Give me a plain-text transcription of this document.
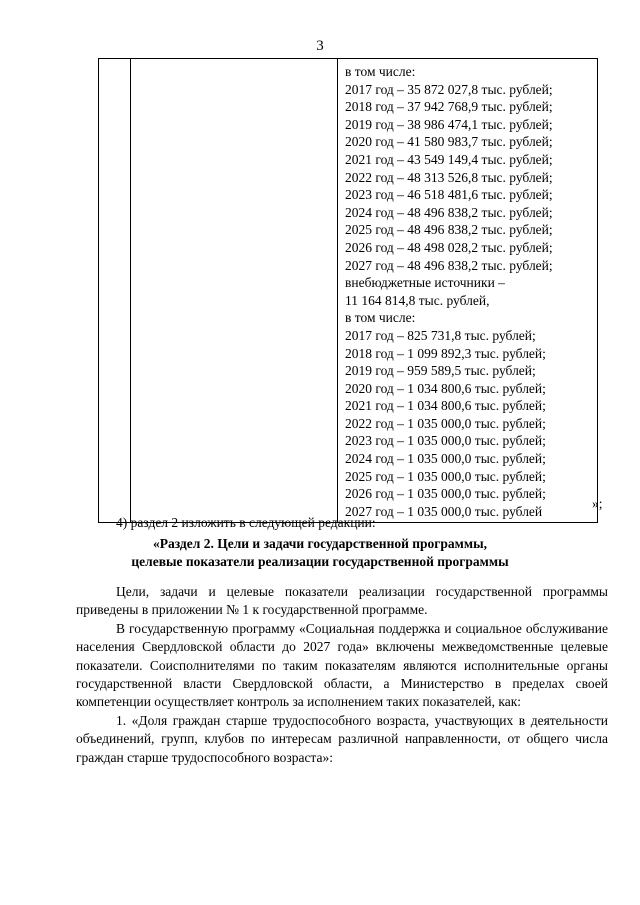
3

в том числе:
2017 год – 35 872 027,8 тыс. рублей;
2018 год – 37 942 768,9 тыс. рублей;
2019 год – 38 986 474,1 тыс. рублей;
2020 год – 41 580 983,7 тыс. рублей;
2021 год – 43 549 149,4 тыс. рублей;
2022 год – 48 313 526,8 тыс. рублей;
2023 год – 46 518 481,6 тыс. рублей;
2024 год – 48 496 838,2 тыс. рублей;
2025 год – 48 496 838,2 тыс. рублей;
2026 год – 48 498 028,2 тыс. рублей;
2027 год – 48 496 838,2 тыс. рублей;
внебюджетные источники –
11 164 814,8 тыс. рублей,
в том числе:
2017 год – 825 731,8 тыс. рублей;
2018 год – 1 099 892,3 тыс. рублей;
2019 год – 959 589,5 тыс. рублей;
2020 год – 1 034 800,6 тыс. рублей;
2021 год – 1 034 800,6 тыс. рублей;
2022 год – 1 035 000,0 тыс. рублей;
2023 год – 1 035 000,0 тыс. рублей;
2024 год – 1 035 000,0 тыс. рублей;
2025 год – 1 035 000,0 тыс. рублей;
2026 год – 1 035 000,0 тыс. рублей;
2027 год – 1 035 000,0 тыс. рублей
»;
4) раздел 2 изложить в следующей редакции:
«Раздел 2. Цели и задачи государственной программы,
целевые показатели реализации государственной программы

Цели, задачи и целевые показатели реализации государственной программы приведены в приложении № 1 к государственной программе.

В государственную программу «Социальная поддержка и социальное обслуживание населения Свердловской области до 2027 года» включены межведомственные целевые показатели. Соисполнителями по таким показателям являются исполнительные органы государственной власти Свердловской области, а Министерство в пределах своей компетенции осуществляет контроль за исполнением таких показателей, как:

1. «Доля граждан старше трудоспособного возраста, участвующих в деятельности объединений, групп, клубов по интересам различной направленности, от общего числа граждан старше трудоспособного возраста»:
